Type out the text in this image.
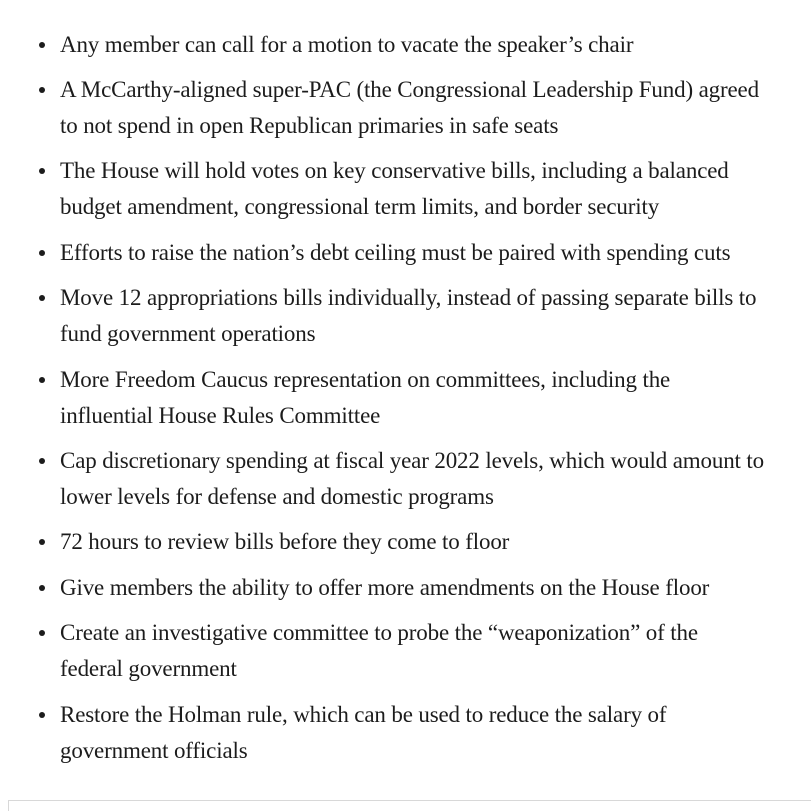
Any member can call for a motion to vacate the speaker’s chair
A McCarthy-aligned super-PAC (the Congressional Leadership Fund) agreed
to not spend in open Republican primaries in safe seats
The House will hold votes on key conservative bills, including a balanced
budget amendment, congressional term limits, and border security
Efforts to raise the nation’s debt ceiling must be paired with spending cuts
Move 12 appropriations bills individually, instead of passing separate bills to
fund government operations
More Freedom Caucus representation on committees, including the
influential House Rules Committee
Cap discretionary spending at fiscal year 2022 levels, which would amount to
lower levels for defense and domestic programs
72 hours to review bills before they come to floor
Give members the ability to offer more amendments on the House floor
Create an investigative committee to probe the “weaponization” of the
federal government
Restore the Holman rule, which can be used to reduce the salary of
government officials
